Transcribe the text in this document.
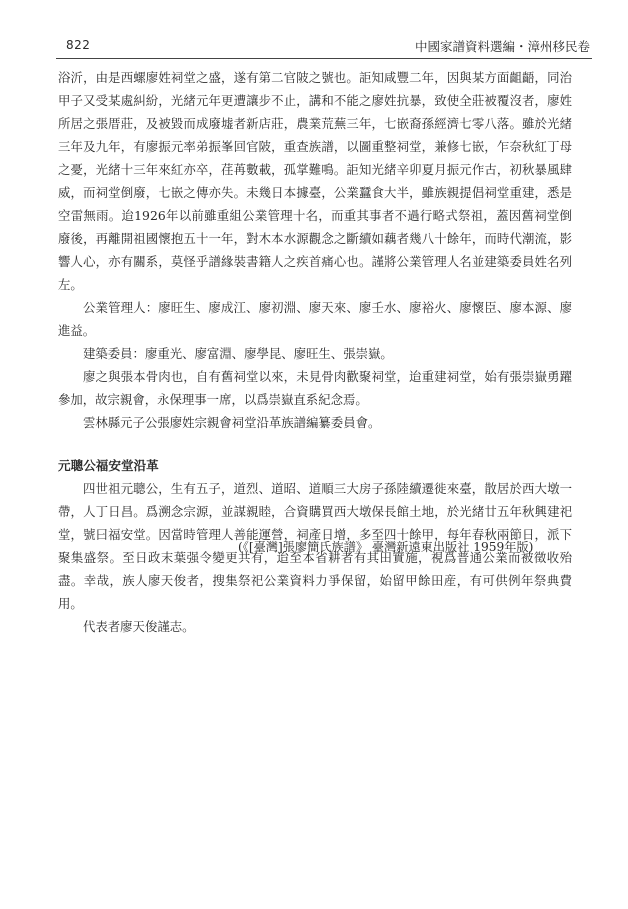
822	中國家譜資料選編・漳州移民卷

浴沂，由是西螺廖姓祠堂之盛，遂有第二官陂之號也。詎知咸豐二年，因與某方面齟齬，同治甲子又受某處糾紛，光緒元年更遭讓步不止，講和不能之廖姓抗暴，致使全莊被覆沒者，廖姓所居之張厝莊，及被毀而成廢墟者新店莊，農業荒蕪三年，七嵌裔孫經濟七零八落。雖於光緒三年及九年，有廖振元率弟振峯回官陂，重查族譜，以圖重整祠堂，兼修七嵌，乍奈秋紅丁母之憂，光緒十三年來紅亦卒，荏苒數載，孤掌難鳴。詎知光緒辛卯夏月振元作古，初秋暴風肆威，而祠堂倒廢，七嵌之傳亦失。未幾日本據臺，公業蠶食大半，雖族親提倡祠堂重建，悉是空雷無雨。迨1926年以前雖重組公業管理十名，而重其事者不過行略式祭祖，蓋因舊祠堂倒廢後，再離開祖國懷抱五十一年，對木本水源觀念之斷續如藕者幾八十餘年，而時代潮流，影響人心，亦有關系，莫怪乎譜緣裝書籍人之疾首痛心也。謹將公業管理人名並建築委員姓名列左。

公業管理人：廖旺生、廖成江、廖初淵、廖天來、廖壬水、廖裕火、廖懷臣、廖本源、廖進益。

建築委員：廖重光、廖富淵、廖學昆、廖旺生、張崇嶽。

廖之與張本骨肉也，自有舊祠堂以來，未見骨肉歡聚祠堂，迨重建祠堂，始有張崇嶽勇躍參加，故宗親會，永保理事一席，以爲崇嶽直系紀念焉。

雲林縣元子公張廖姓宗親會祠堂沿革族譜編纂委員會。

元聰公福安堂沿革

四世祖元聰公，生有五子，道烈、道昭、道順三大房子孫陸續遷徙來臺，散居於西大墩一帶，人丁日昌。爲溯念宗源，並謀親睦，合資購買西大墩保長館土地，於光緒廿五年秋興建祀堂，號曰福安堂。因當時管理人善能運營，祠產日增，多至四十餘甲，每年春秋兩節日，派下聚集盛祭。至日政末葉强令變更共有，迨至本省耕者有其田實施，視爲普通公業而被徵收殆盡。幸哉，族人廖天俊者，搜集祭祀公業資料力爭保留，始留甲餘田産，有可供例年祭典費用。

代表者廖天俊謹志。

(《[臺灣]張廖簡氏族譜》 臺灣新遠東出版社 1959年版)
